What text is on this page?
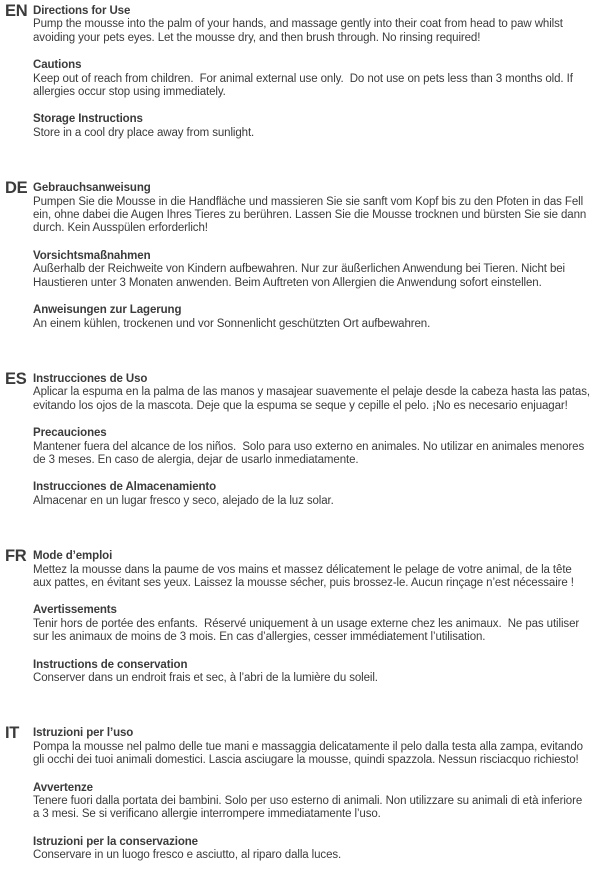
EN Directions for Use

Pump the mousse into the palm of your hands, and massage gently into their coat from head to paw whilst avoiding your pets eyes. Let the mousse dry, and then brush through. No rinsing required!

Cautions

Keep out of reach from children.  For animal external use only.  Do not use on pets less than 3 months old. If allergies occur stop using immediately.

Storage Instructions

Store in a cool dry place away from sunlight.

DE Gebrauchsanweisung

Pumpen Sie die Mousse in die Handfläche und massieren Sie sie sanft vom Kopf bis zu den Pfoten in das Fell ein, ohne dabei die Augen Ihres Tieres zu berühren. Lassen Sie die Mousse trocknen und bürsten Sie sie dann durch. Kein Ausspülen erforderlich!

Vorsichtsmaßnahmen

Außerhalb der Reichweite von Kindern aufbewahren. Nur zur äußerlichen Anwendung bei Tieren. Nicht bei Haustieren unter 3 Monaten anwenden. Beim Auftreten von Allergien die Anwendung sofort einstellen.

Anweisungen zur Lagerung

An einem kühlen, trockenen und vor Sonnenlicht geschützten Ort aufbewahren.

ES Instrucciones de Uso

Aplicar la espuma en la palma de las manos y masajear suavemente el pelaje desde la cabeza hasta las patas, evitando los ojos de la mascota. Deje que la espuma se seque y cepille el pelo. ¡No es necesario enjuagar!

Precauciones

Mantener fuera del alcance de los niños.  Solo para uso externo en animales. No utilizar en animales menores de 3 meses. En caso de alergia, dejar de usarlo inmediatamente.

Instrucciones de Almacenamiento

Almacenar en un lugar fresco y seco, alejado de la luz solar.

FR Mode d’emploi

Mettez la mousse dans la paume de vos mains et massez délicatement le pelage de votre animal, de la tête aux pattes, en évitant ses yeux. Laissez la mousse sécher, puis brossez-le. Aucun rinçage n’est nécessaire !

Avertissements

Tenir hors de portée des enfants.  Réservé uniquement à un usage externe chez les animaux.  Ne pas utiliser sur les animaux de moins de 3 mois. En cas d’allergies, cesser immédiatement l’utilisation.

Instructions de conservation

Conserver dans un endroit frais et sec, à l’abri de la lumière du soleil.

IT	Istruzioni per l’uso

Pompa la mousse nel palmo delle tue mani e massaggia delicatamente il pelo dalla testa alla zampa, evitando gli occhi dei tuoi animali domestici. Lascia asciugare la mousse, quindi spazzola. Nessun risciacquo richiesto!

Avvertenze

Tenere fuori dalla portata dei bambini. Solo per uso esterno di animali. Non utilizzare su animali di età inferiore a 3 mesi. Se si verificano allergie interrompere immediatamente l’uso.

Istruzioni per la conservazione

Conservare in un luogo fresco e asciutto, al riparo dalla luces.
